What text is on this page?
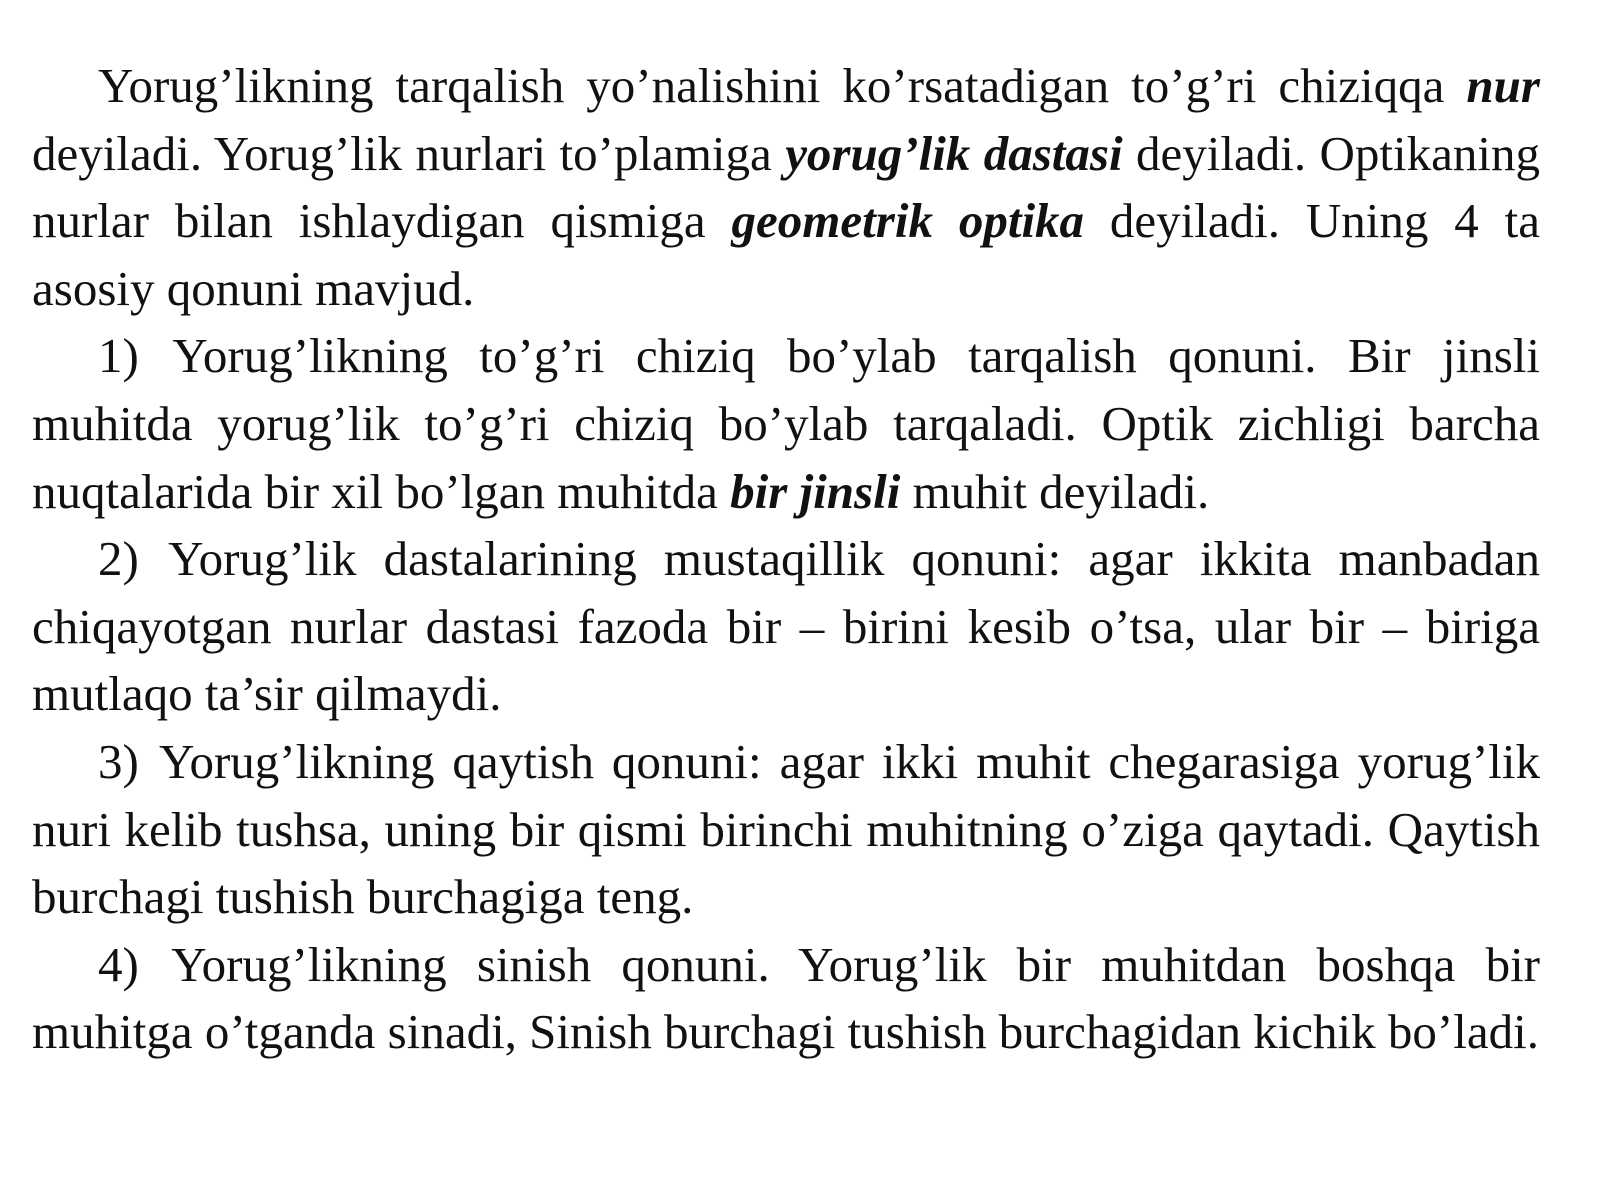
Yorug’likning tarqalish yo’nalishini ko’rsatadigan to’g’ri chiziqqa nur deyiladi. Yorug’lik nurlari to’plamiga yorug’lik dastasi deyiladi. Optikaning nurlar bilan ishlaydigan qismiga geometrik optika deyiladi. Uning 4 ta asosiy qonuni mavjud.

1) Yorug’likning to’g’ri chiziq bo’ylab tarqalish qonuni. Bir jinsli muhitda yorug’lik to’g’ri chiziq bo’ylab tarqaladi. Optik zichligi barcha nuqtalarida bir xil bo’lgan muhitda bir jinsli muhit deyiladi.

2) Yorug’lik dastalarining mustaqillik qonuni: agar ikkita manbadan chiqayotgan nurlar dastasi fazoda bir – birini kesib o’tsa, ular bir – biriga mutlaqo ta’sir qilmaydi.

3) Yorug’likning qaytish qonuni: agar ikki muhit chegarasiga yorug’lik nuri kelib tushsa, uning bir qismi birinchi muhitning o’ziga qaytadi. Qaytish burchagi tushish burchagiga teng.

4) Yorug’likning sinish qonuni. Yorug’lik bir muhitdan boshqa bir muhitga o’tganda sinadi, Sinish burchagi tushish burchagidan kichik bo’ladi.
